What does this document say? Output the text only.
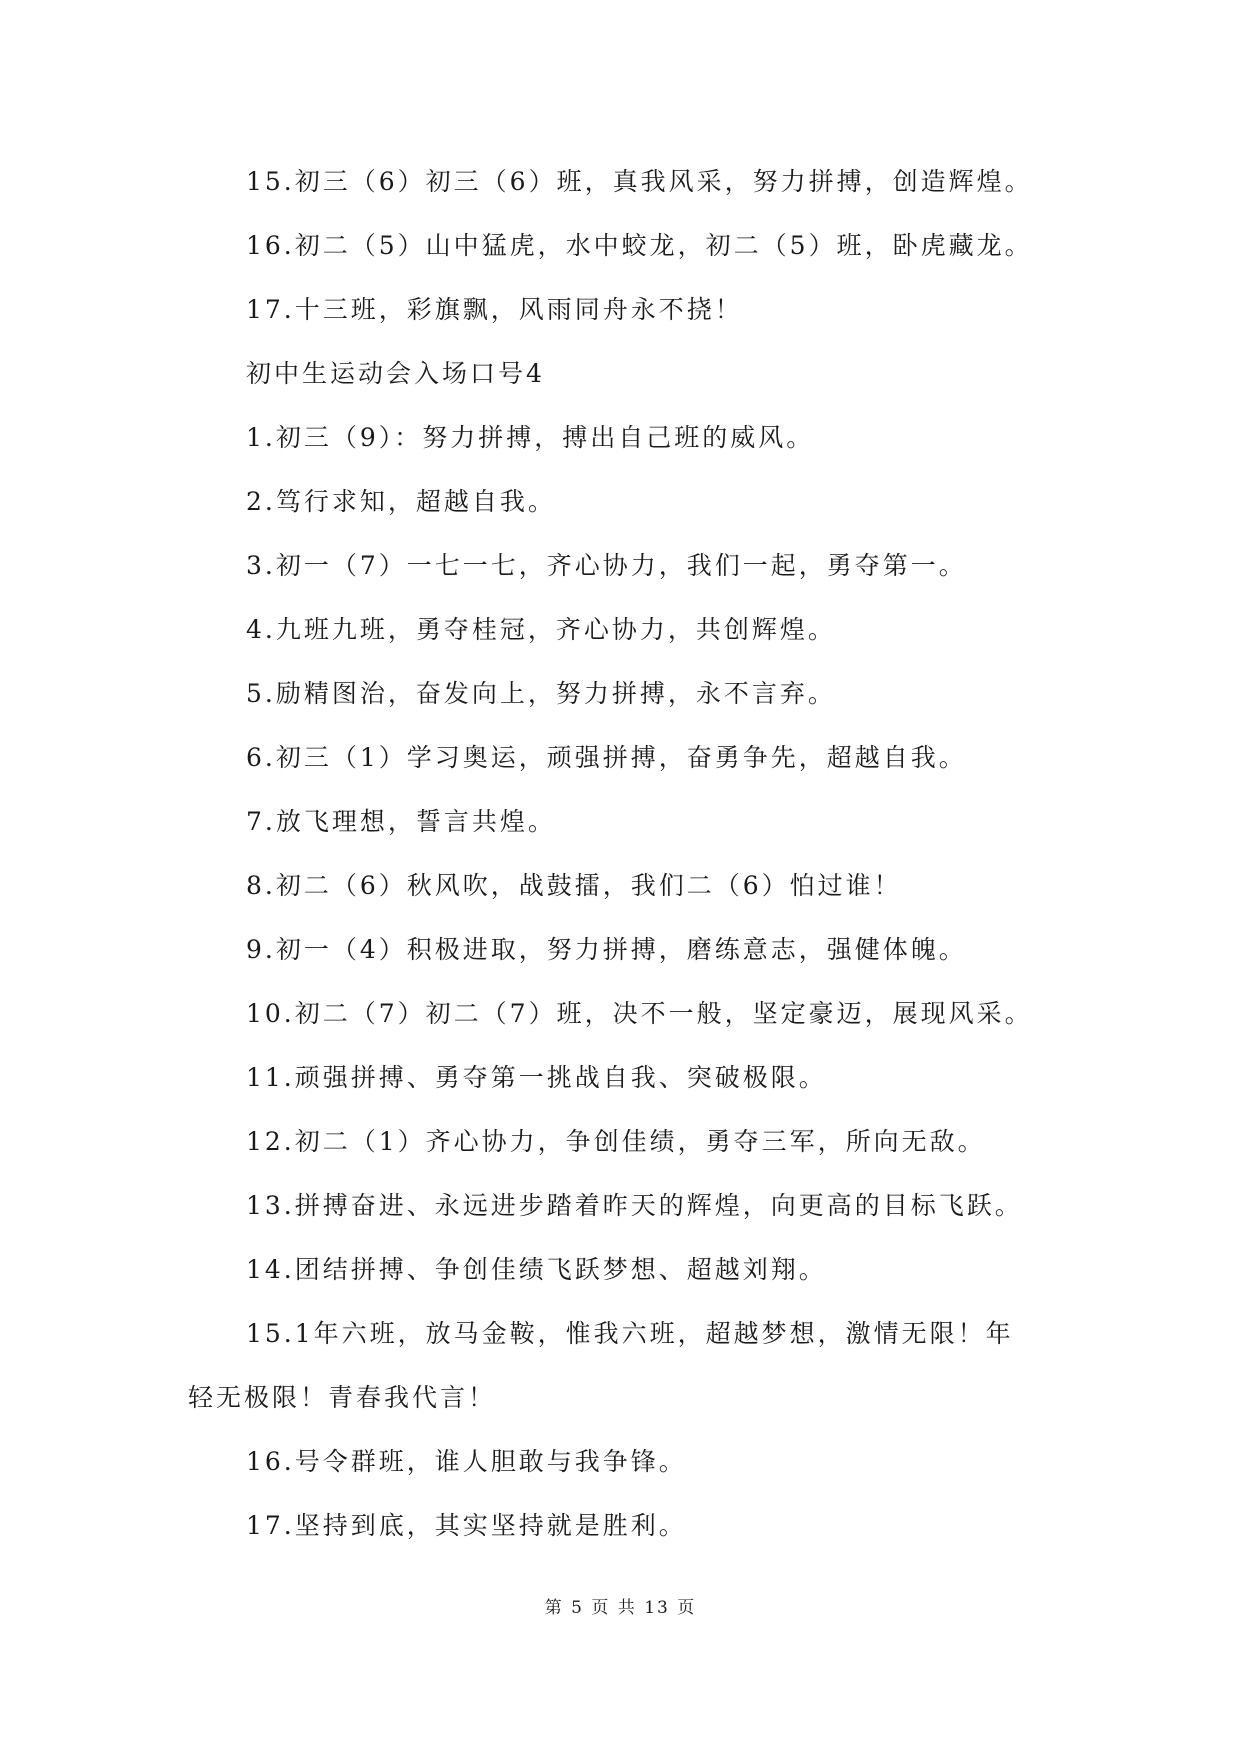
15.初三（6）初三（6）班，真我风采，努力拼搏，创造辉煌。
16.初二（5）山中猛虎，水中蛟龙，初二（5）班，卧虎藏龙。
17.十三班，彩旗飘，风雨同舟永不挠！
初中生运动会入场口号4
1.初三（9）：努力拼搏，搏出自己班的威风。
2.笃行求知，超越自我。
3.初一（7）一七一七，齐心协力，我们一起，勇夺第一。
4.九班九班，勇夺桂冠，齐心协力，共创辉煌。
5.励精图治，奋发向上，努力拼搏，永不言弃。
6.初三（1）学习奥运，顽强拼搏，奋勇争先，超越自我。
7.放飞理想，誓言共煌。
8.初二（6）秋风吹，战鼓擂，我们二（6）怕过谁！
9.初一（4）积极进取，努力拼搏，磨练意志，强健体魄。
10.初二（7）初二（7）班，决不一般，坚定豪迈，展现风采。
11.顽强拼搏、勇夺第一挑战自我、突破极限。
12.初二（1）齐心协力，争创佳绩，勇夺三军，所向无敌。
13.拼搏奋进、永远进步踏着昨天的辉煌，向更高的目标飞跃。
14.团结拼搏、争创佳绩飞跃梦想、超越刘翔。
15.1年六班，放马金鞍，惟我六班，超越梦想，激情无限！年
轻无极限！青春我代言！
16.号令群班，谁人胆敢与我争锋。
17.坚持到底，其实坚持就是胜利。
第 5 页 共 13 页
